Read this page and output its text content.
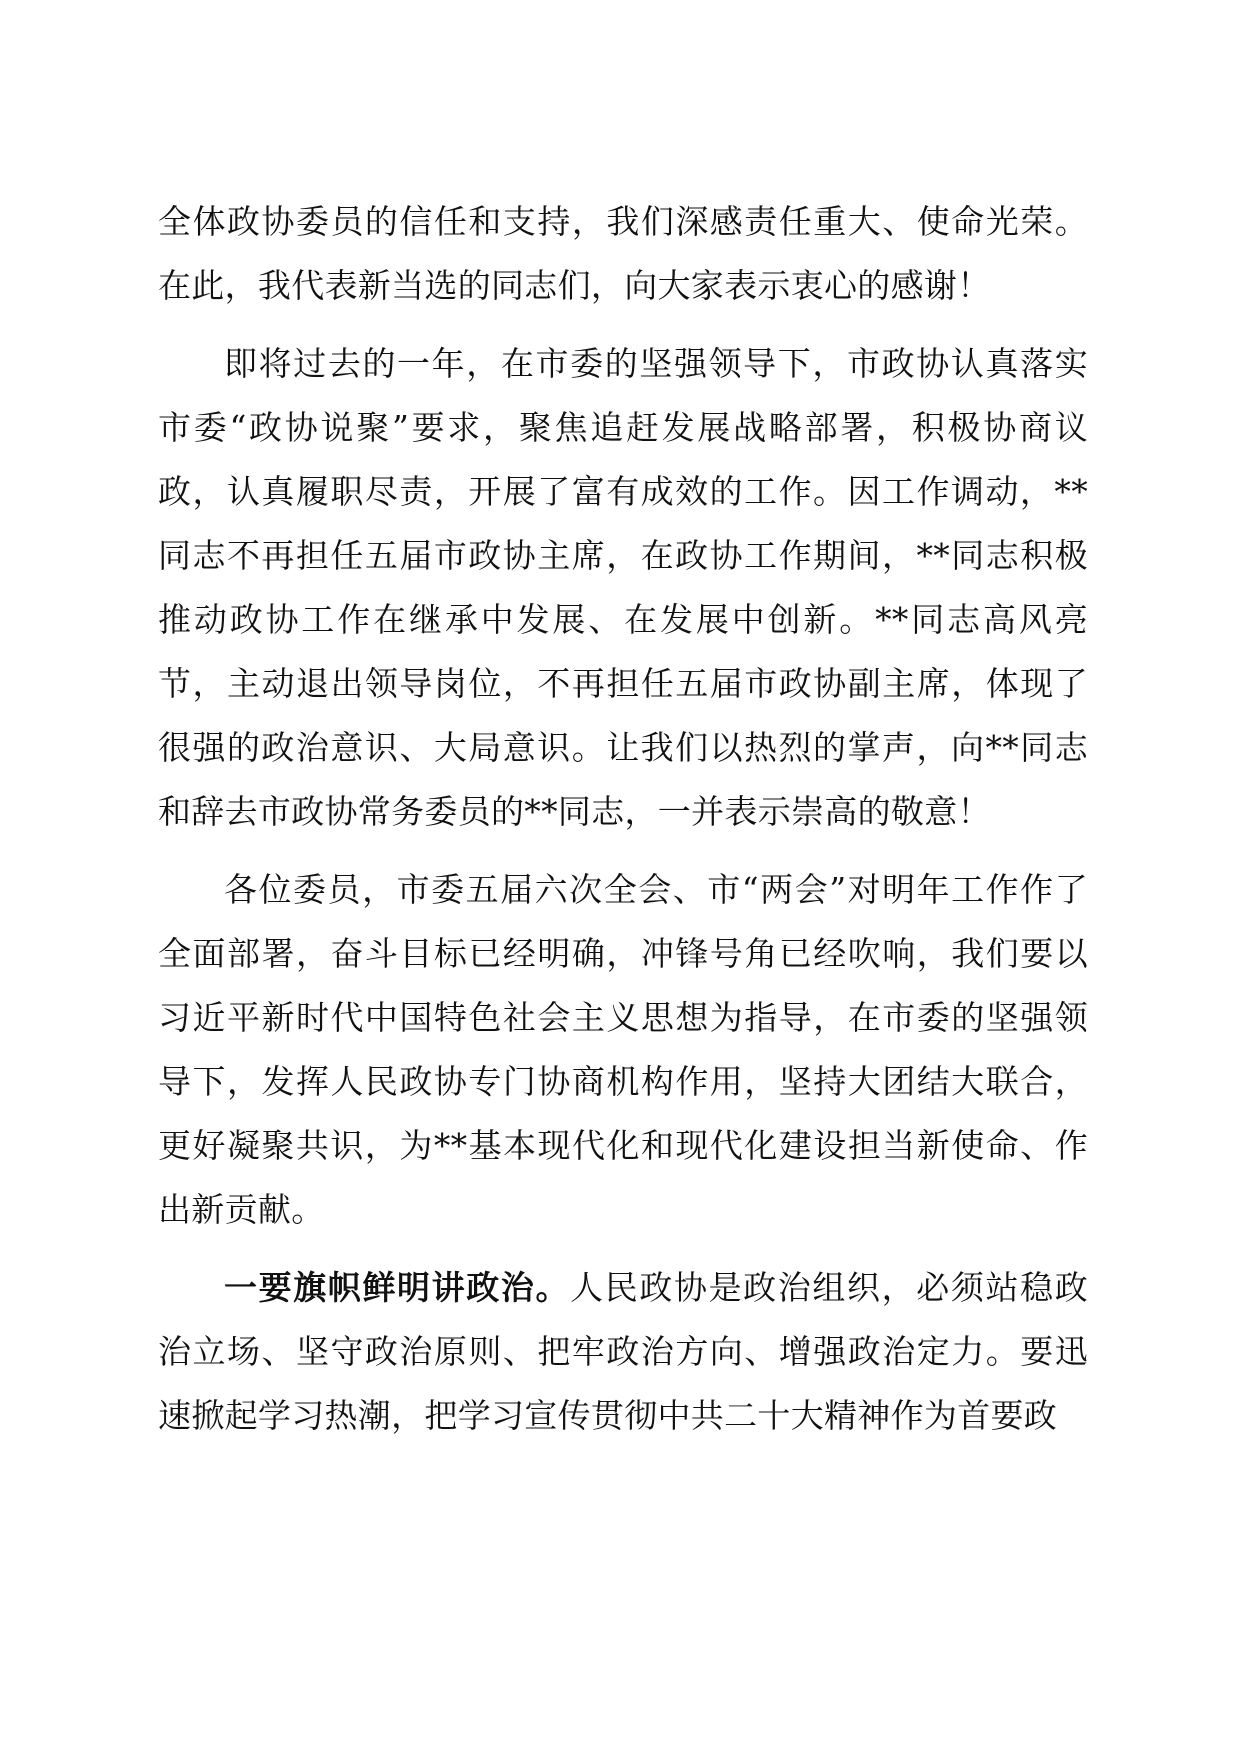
全体政协委员的信任和支持，我们深感责任重大、使命光荣。在此，我代表新当选的同志们，向大家表示衷心的感谢！

即将过去的一年，在市委的坚强领导下，市政协认真落实市委“政协说聚”要求，聚焦追赶发展战略部署，积极协商议政，认真履职尽责，开展了富有成效的工作。因工作调动，**同志不再担任五届市政协主席，在政协工作期间，**同志积极推动政协工作在继承中发展、在发展中创新。**同志高风亮节，主动退出领导岗位，不再担任五届市政协副主席，体现了很强的政治意识、大局意识。让我们以热烈的掌声，向**同志和辞去市政协常务委员的**同志，一并表示崇高的敬意！

各位委员，市委五届六次全会、市“两会”对明年工作作了全面部署，奋斗目标已经明确，冲锋号角已经吹响，我们要以习近平新时代中国特色社会主义思想为指导，在市委的坚强领导下，发挥人民政协专门协商机构作用，坚持大团结大联合，更好凝聚共识，为**基本现代化和现代化建设担当新使命、作出新贡献。

一要旗帜鲜明讲政治。人民政协是政治组织，必须站稳政治立场、坚守政治原则、把牢政治方向、增强政治定力。要迅速掀起学习热潮，把学习宣传贯彻中共二十大精神作为首要政
